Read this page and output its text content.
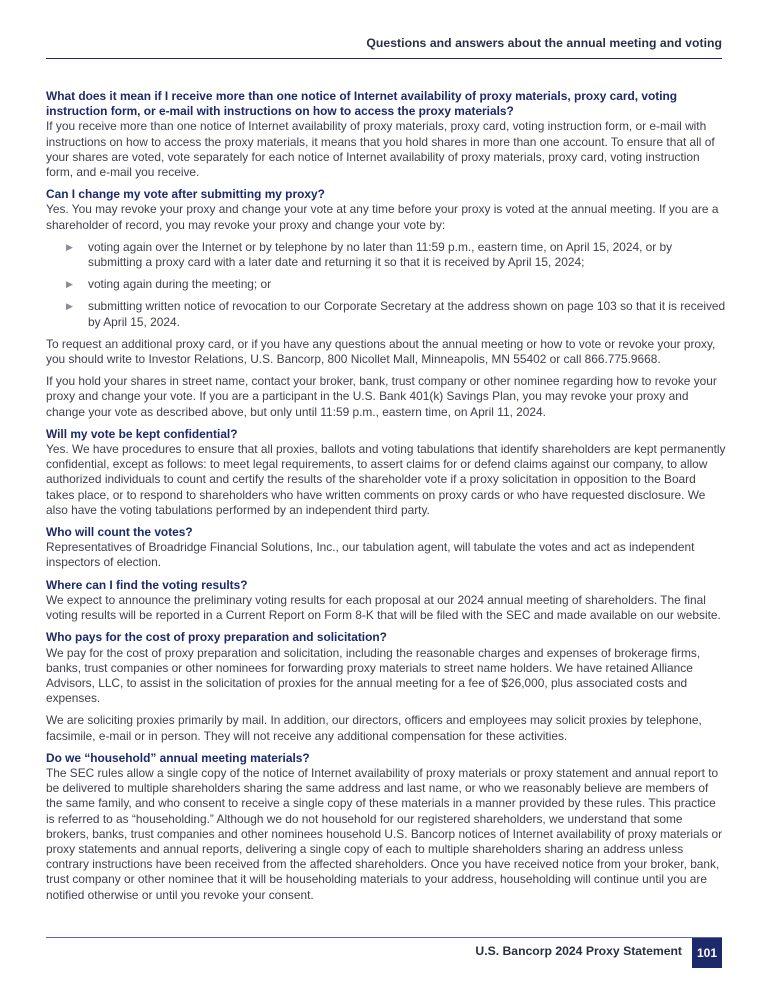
Questions and answers about the annual meeting and voting

What does it mean if I receive more than one notice of Internet availability of proxy materials, proxy card, voting instruction form, or e-mail with instructions on how to access the proxy materials?

If you receive more than one notice of Internet availability of proxy materials, proxy card, voting instruction form, or e-mail with instructions on how to access the proxy materials, it means that you hold shares in more than one account. To ensure that all of your shares are voted, vote separately for each notice of Internet availability of proxy materials, proxy card, voting instruction form, and e-mail you receive.

Can I change my vote after submitting my proxy?

Yes. You may revoke your proxy and change your vote at any time before your proxy is voted at the annual meeting. If you are a shareholder of record, you may revoke your proxy and change your vote by:

▶ voting again over the Internet or by telephone by no later than 11:59 p.m., eastern time, on April 15, 2024, or by submitting a proxy card with a later date and returning it so that it is received by April 15, 2024;
▶ voting again during the meeting; or
▶ submitting written notice of revocation to our Corporate Secretary at the address shown on page 103 so that it is received by April 15, 2024.

To request an additional proxy card, or if you have any questions about the annual meeting or how to vote or revoke your proxy, you should write to Investor Relations, U.S. Bancorp, 800 Nicollet Mall, Minneapolis, MN 55402 or call 866.775.9668.

If you hold your shares in street name, contact your broker, bank, trust company or other nominee regarding how to revoke your proxy and change your vote. If you are a participant in the U.S. Bank 401(k) Savings Plan, you may revoke your proxy and change your vote as described above, but only until 11:59 p.m., eastern time, on April 11, 2024.

Will my vote be kept confidential?

Yes. We have procedures to ensure that all proxies, ballots and voting tabulations that identify shareholders are kept permanently confidential, except as follows: to meet legal requirements, to assert claims for or defend claims against our company, to allow authorized individuals to count and certify the results of the shareholder vote if a proxy solicitation in opposition to the Board takes place, or to respond to shareholders who have written comments on proxy cards or who have requested disclosure. We also have the voting tabulations performed by an independent third party.

Who will count the votes?

Representatives of Broadridge Financial Solutions, Inc., our tabulation agent, will tabulate the votes and act as independent inspectors of election.

Where can I find the voting results?

We expect to announce the preliminary voting results for each proposal at our 2024 annual meeting of shareholders. The final voting results will be reported in a Current Report on Form 8-K that will be filed with the SEC and made available on our website.

Who pays for the cost of proxy preparation and solicitation?

We pay for the cost of proxy preparation and solicitation, including the reasonable charges and expenses of brokerage firms, banks, trust companies or other nominees for forwarding proxy materials to street name holders. We have retained Alliance Advisors, LLC, to assist in the solicitation of proxies for the annual meeting for a fee of $26,000, plus associated costs and expenses.

We are soliciting proxies primarily by mail. In addition, our directors, officers and employees may solicit proxies by telephone, facsimile, e-mail or in person. They will not receive any additional compensation for these activities.

Do we “household” annual meeting materials?

The SEC rules allow a single copy of the notice of Internet availability of proxy materials or proxy statement and annual report to be delivered to multiple shareholders sharing the same address and last name, or who we reasonably believe are members of the same family, and who consent to receive a single copy of these materials in a manner provided by these rules. This practice is referred to as “householding.” Although we do not household for our registered shareholders, we understand that some brokers, banks, trust companies and other nominees household U.S. Bancorp notices of Internet availability of proxy materials or proxy statements and annual reports, delivering a single copy of each to multiple shareholders sharing an address unless contrary instructions have been received from the affected shareholders. Once you have received notice from your broker, bank, trust company or other nominee that it will be householding materials to your address, householding will continue until you are notified otherwise or until you revoke your consent.

U.S. Bancorp 2024 Proxy Statement	101
